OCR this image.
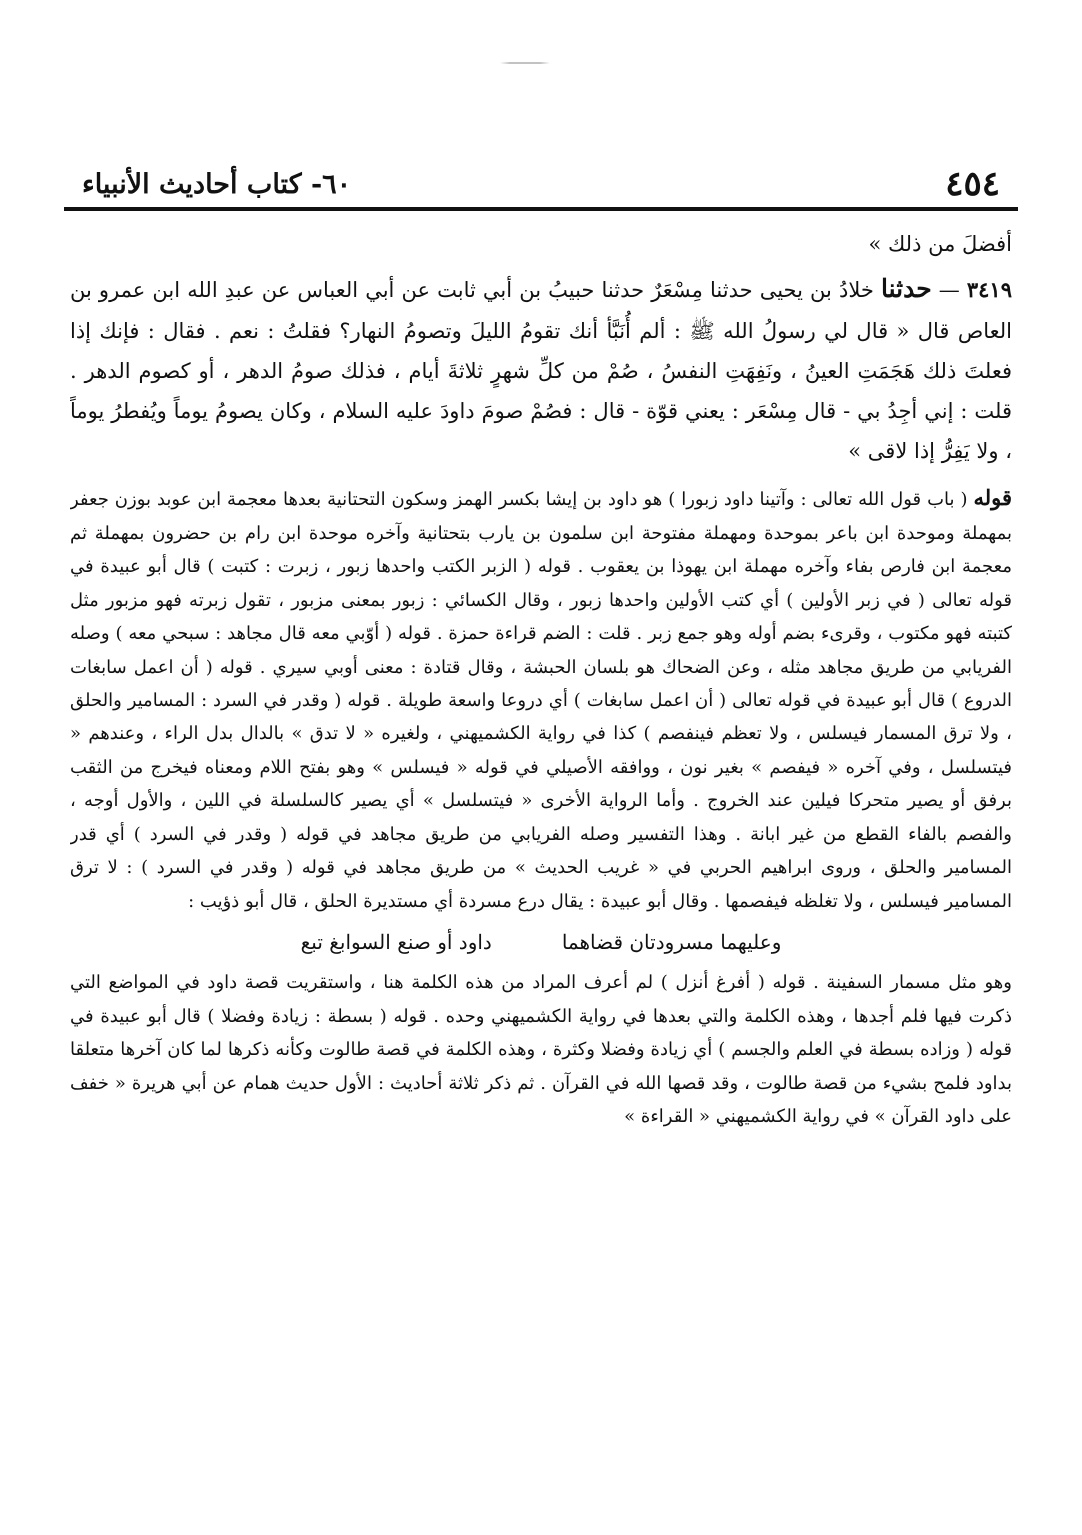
٤٥٤
٦٠- كتاب أحاديث الأنبياء

أفضلَ من ذلك »

٣٤١٩ — حدثنا خلادُ بن يحيى حدثنا مِسْعَرٌ حدثنا حبيبُ بن أبي ثابت عن أبي العباس عن عبدِ الله ابن عمرو بن العاص قال « قال لي رسولُ الله ﷺ : ألم أُنَبَّأ أنك تقومُ الليلَ وتصومُ النهار؟ فقلتُ : نعم . فقال : فإنك إذا فعلتَ ذلك هَجَمَتِ العينُ ، ونَفِهَتِ النفسُ ، صُمْ من كلِّ شهرٍ ثلاثةَ أيام ، فذلك صومُ الدهر ، أو كصوم الدهر . قلت : إني أجِدُ بي - قال مِسْعَر : يعني قوّة - قال : فصُمْ صومَ داودَ عليه السلام ، وكان يصومُ يوماً ويُفطرُ يوماً ، ولا يَفِرُّ إذا لاقى »

قوله ( باب قول الله تعالى : وآتينا داود زبورا ) هو داود بن إيشا بكسر الهمز وسكون التحتانية بعدها معجمة ابن عوبد بوزن جعفر بمهملة وموحدة ابن باعر بموحدة ومهملة مفتوحة ابن سلمون بن يارب بتحتانية وآخره موحدة ابن رام بن حضرون بمهملة ثم معجمة ابن فارص بفاء وآخره مهملة ابن يهوذا بن يعقوب . قوله ( الزبر الكتب واحدها زبور ، زبرت : كتبت ) قال أبو عبيدة في قوله تعالى ( في زبر الأولين ) أي كتب الأولين واحدها زبور ، وقال الكسائي : زبور بمعنى مزبور ، تقول زبرته فهو مزبور مثل كتبته فهو مكتوب ، وقرىء بضم أوله وهو جمع زبر . قلت : الضم قراءة حمزة . قوله ( أوّبي معه قال مجاهد : سبحي معه ) وصله الفريابي من طريق مجاهد مثله ، وعن الضحاك هو بلسان الحبشة ، وقال قتادة : معنى أوبي سيري . قوله ( أن اعمل سابغات الدروع ) قال أبو عبيدة في قوله تعالى ( أن اعمل سابغات ) أي دروعا واسعة طويلة . قوله ( وقدر في السرد : المسامير والحلق ، ولا ترق المسمار فيسلس ، ولا تعظم فينفصم ) كذا في رواية الكشميهني ، ولغيره « لا تدق » بالدال بدل الراء ، وعندهم « فيتسلسل ، وفي آخره « فيفصم » بغير نون ، ووافقه الأصيلي في قوله « فيسلس » وهو بفتح اللام ومعناه فيخرج من الثقب برفق أو يصير متحركا فيلين عند الخروج . وأما الرواية الأخرى « فيتسلسل » أي يصير كالسلسلة في اللين ، والأول أوجه ، والفصم بالفاء القطع من غير ابانة . وهذا التفسير وصله الفريابي من طريق مجاهد في قوله ( وقدر في السرد ) أي قدر المسامير والحلق ، وروى ابراهيم الحربي في « غريب الحديث » من طريق مجاهد في قوله ( وقدر في السرد ) : لا ترق المسامير فيسلس ، ولا تغلظه فيفصمها . وقال أبو عبيدة : يقال درع مسردة أي مستديرة الحلق ، قال أبو ذؤيب :

وعليهما مسرودتان قضاهما
داود أو صنع السوابغ تبع

وهو مثل مسمار السفينة . قوله ( أفرغ أنزل ) لم أعرف المراد من هذه الكلمة هنا ، واستقريت قصة داود في المواضع التي ذكرت فيها فلم أجدها ، وهذه الكلمة والتي بعدها في رواية الكشميهني وحده . قوله ( بسطة : زيادة وفضلا ) قال أبو عبيدة في قوله ( وزاده بسطة في العلم والجسم ) أي زيادة وفضلا وكثرة ، وهذه الكلمة في قصة طالوت وكأنه ذكرها لما كان آخرها متعلقا بداود فلمح بشيء من قصة طالوت ، وقد قصها الله في القرآن . ثم ذكر ثلاثة أحاديث : الأول حديث همام عن أبي هريرة « خفف على داود القرآن » في رواية الكشميهني « القراءة »
